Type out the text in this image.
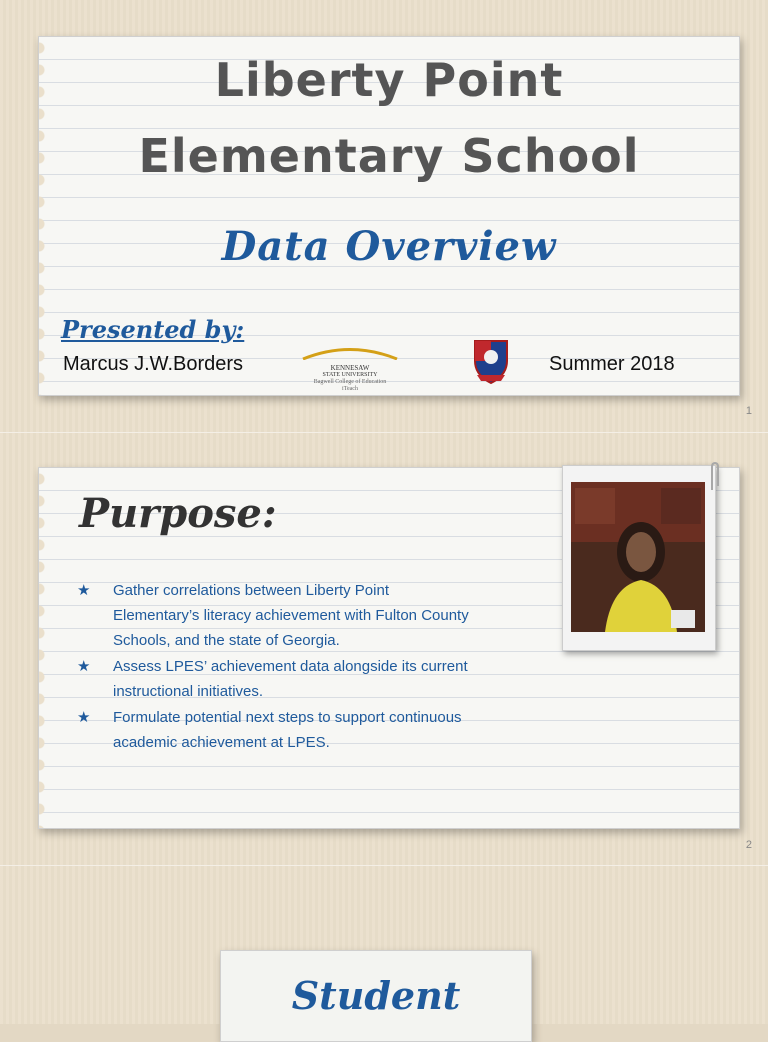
Liberty Point
Elementary School
Data Overview
Presented by:
Marcus J.W.Borders	KENNESAW
STATE UNIVERSITY
Bagwell College of Education
iTeach
Summer 2018
1
Purpose:
★ Gather correlations between Liberty Point Elementary’s literacy achievement with Fulton County Schools, and the state of Georgia.
★ Assess LPES’ achievement data alongside its current instructional initiatives.
★ Formulate potential next steps to support continuous academic achievement at LPES.
2
Student
